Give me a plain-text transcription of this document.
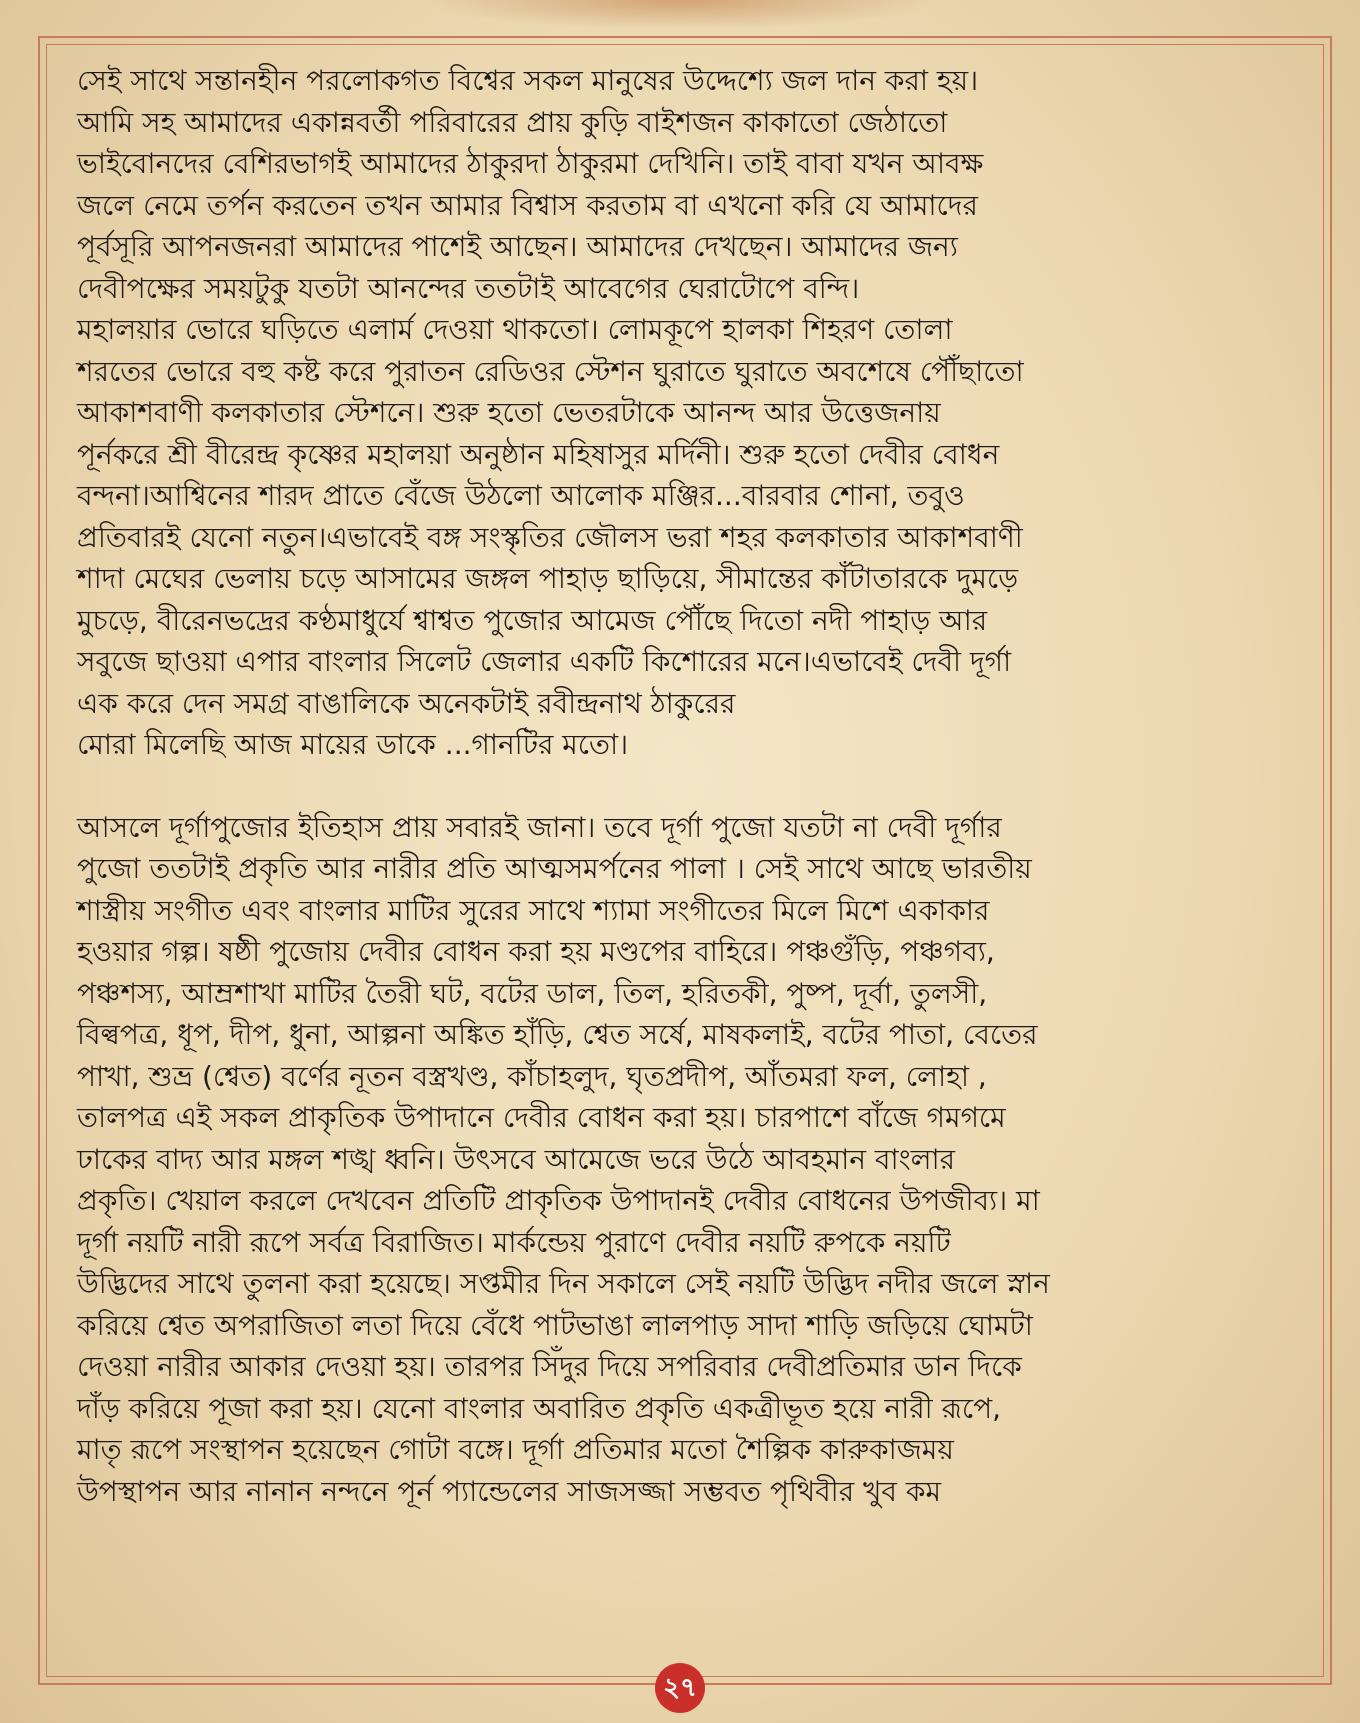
সেই সাথে সন্তানহীন পরলোকগত বিশ্বের সকল মানুষের উদ্দেশ্যে জল দান করা হয়।
আমি সহ আমাদের একান্নবর্তী পরিবারের প্রায় কুড়ি বাইশজন কাকাতো জেঠাতো
ভাইবোনদের বেশিরভাগই আমাদের ঠাকুরদা ঠাকুরমা দেখিনি। তাই বাবা যখন আবক্ষ
জলে নেমে তর্পন করতেন তখন আমার বিশ্বাস করতাম বা এখনো করি যে আমাদের
পূর্বসূরি আপনজনরা আমাদের পাশেই আছেন। আমাদের দেখছেন। আমাদের জন্য
দেবীপক্ষের সময়টুকু যতটা আনন্দের ততটাই আবেগের ঘেরাটোপে বন্দি।
মহালয়ার ভোরে ঘড়িতে এলার্ম দেওয়া থাকতো। লোমকূপে হালকা শিহরণ তোলা
শরতের ভোরে বহু কষ্ট করে পুরাতন রেডিওর স্টেশন ঘুরাতে ঘুরাতে অবশেষে পৌঁছাতো
আকাশবাণী কলকাতার স্টেশনে। শুরু হতো ভেতরটাকে আনন্দ আর উত্তেজনায়
পূর্নকরে শ্রী বীরেন্দ্র কৃষ্ণের মহালয়া অনুষ্ঠান মহিষাসুর মর্দিনী। শুরু হতো দেবীর বোধন
বন্দনা।আশ্বিনের শারদ প্রাতে বেঁজে উঠলো আলোক মঞ্জির...বারবার শোনা, তবুও
প্রতিবারই যেনো নতুন।এভাবেই বঙ্গ সংস্কৃতির জৌলস ভরা শহর কলকাতার আকাশবাণী
শাদা মেঘের ভেলায় চড়ে আসামের জঙ্গল পাহাড় ছাড়িয়ে, সীমান্তের কাঁটাতারকে দুমড়ে
মুচড়ে, বীরেনভদ্রের কণ্ঠমাধুর্যে শ্বাশ্বত পুজোর আমেজ পৌঁছে দিতো নদী পাহাড় আর
সবুজে ছাওয়া এপার বাংলার সিলেট জেলার একটি কিশোরের মনে।এভাবেই দেবী দূর্গা
এক করে দেন সমগ্র বাঙালিকে অনেকটাই রবীন্দ্রনাথ ঠাকুরের
মোরা মিলেছি আজ মায়ের ডাকে ...গানটির মতো।

আসলে দূর্গাপুজোর ইতিহাস প্রায় সবারই জানা। তবে দূর্গা পুজো যতটা না দেবী দূর্গার
পুজো ততটাই প্রকৃতি আর নারীর প্রতি আত্মসমর্পনের পালা । সেই সাথে আছে ভারতীয়
শাস্ত্রীয় সংগীত এবং বাংলার মাটির সুরের সাথে শ্যামা সংগীতের মিলে মিশে একাকার
হওয়ার গল্প। ষষ্ঠী পুজোয় দেবীর বোধন করা হয় মণ্ডপের বাহিরে। পঞ্চগুঁড়ি, পঞ্চগব্য,
পঞ্চশস্য, আম্রশাখা মাটির তৈরী ঘট, বটের ডাল, তিল, হরিতকী, পুষ্প, দূর্বা, তুলসী,
বিল্বপত্র, ধূপ, দীপ, ধুনা, আল্পনা অঙ্কিত হাঁড়ি, শ্বেত সর্ষে, মাষকলাই, বটের পাতা, বেতের
পাখা, শুভ্র (শ্বেত) বর্ণের নূতন বস্ত্রখণ্ড, কাঁচাহলুদ, ঘৃতপ্রদীপ, আঁতমরা ফল, লোহা ,
তালপত্র এই সকল প্রাকৃতিক উপাদানে দেবীর বোধন করা হয়। চারপাশে বাঁজে গমগমে
ঢাকের বাদ্য আর মঙ্গল শঙ্খ ধ্বনি। উৎসবে আমেজে ভরে উঠে আবহমান বাংলার
প্রকৃতি। খেয়াল করলে দেখবেন প্রতিটি প্রাকৃতিক উপাদানই দেবীর বোধনের উপজীব্য। মা
দূর্গা নয়টি নারী রূপে সর্বত্র বিরাজিত। মার্কন্ডেয় পুরাণে দেবীর নয়টি রুপকে নয়টি
উদ্ভিদের সাথে তুলনা করা হয়েছে। সপ্তমীর দিন সকালে সেই নয়টি উদ্ভিদ নদীর জলে স্নান
করিয়ে শ্বেত অপরাজিতা লতা দিয়ে বেঁধে পাটভাঙা লালপাড় সাদা শাড়ি জড়িয়ে ঘোমটা
দেওয়া নারীর আকার দেওয়া হয়। তারপর সিঁদুর দিয়ে সপরিবার দেবীপ্রতিমার ডান দিকে
দাঁড় করিয়ে পূজা করা হয়। যেনো বাংলার অবারিত প্রকৃতি একত্রীভূত হয়ে নারী রূপে,
মাতৃ রূপে সংস্থাপন হয়েছেন গোটা বঙ্গে। দূর্গা প্রতিমার মতো শৈল্পিক কারুকাজময়
উপস্থাপন আর নানান নন্দনে পূর্ন প্যান্ডেলের সাজসজ্জা সম্ভবত পৃথিবীর খুব কম

২৭
